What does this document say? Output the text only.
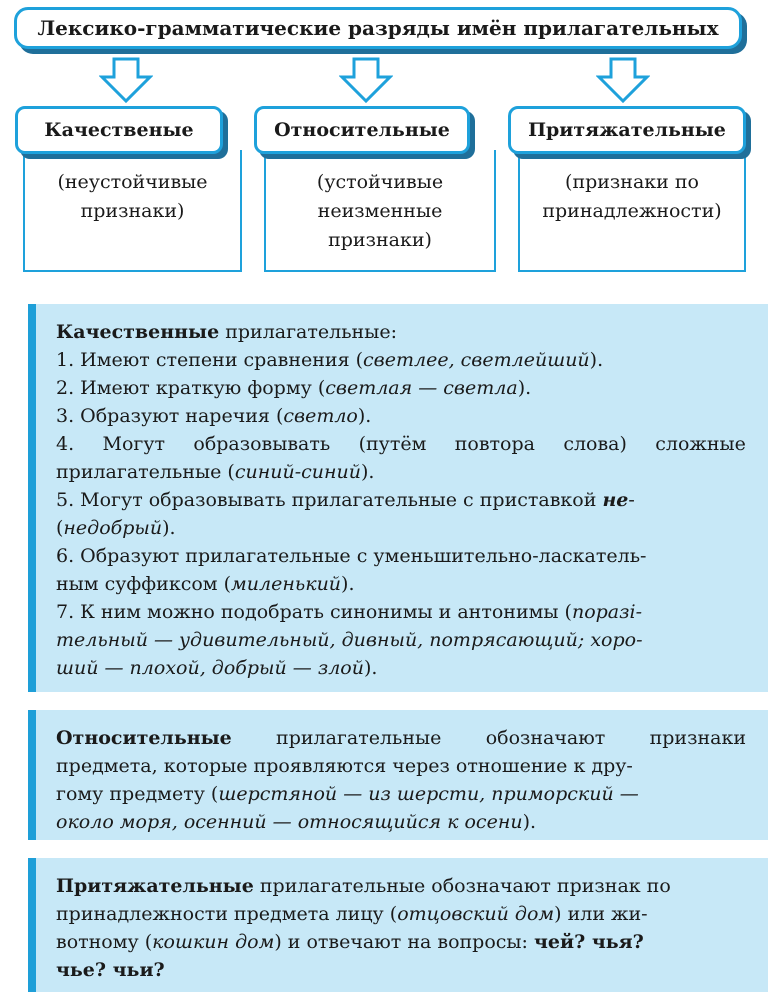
Лексико-грамматические разряды имён прилагательных
Качественые
(неустойчивые
признаки)
Относительные
(устойчивые
неизменные
признаки)
Притяжательные
(признаки по
принадлежности)
Качественные прилагательные:
1. Имеют степени сравнения (светлее, светлейший).
2. Имеют краткую форму (светлая — светла).
3. Образуют наречия (светло).
4. Могут образовывать (путём повтора слова) сложные
прилагательные (синий-синий).
5. Могут образовывать прилагательные с приставкой не-
(недобрый).
6. Образуют прилагательные с уменьшительно-ласкатель-
ным суффиксом (миленький).
7. К ним можно подобрать синонимы и антонимы (поразі-
тельный — удивительный, дивный, потрясающий; хоро-
ший — плохой, добрый — злой).
Относительные прилагательные обозначают признаки
предмета, которые проявляются через отношение к дру-
гому предмету (шерстяной — из шерсти, приморский —
около моря, осенний — относящийся к осени).
Притяжательные прилагательные обозначают признак по
принадлежности предмета лицу (отцовский дом) или жи-
вотному (кошкин дом) и отвечают на вопросы: чей? чья?
чье? чьи?
